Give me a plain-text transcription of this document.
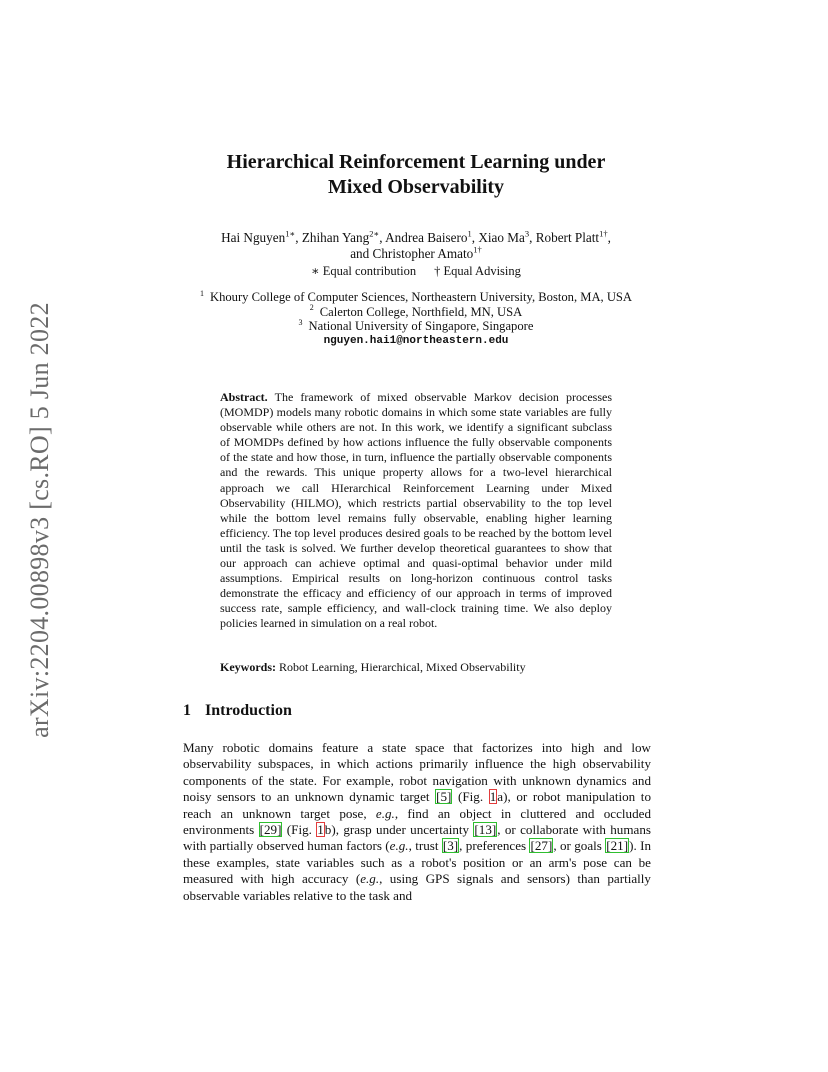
arXiv:2204.00898v3 [cs.RO] 5 Jun 2022
Hierarchical Reinforcement Learning under
Mixed Observability
Hai Nguyen$^{1∗}$, Zhihan Yang$^{2∗}$, Andrea Baisero$^1$, Xiao Ma$^3$, Robert Platt$^{1\dagger}$,
and Christopher Amato$^{1\dagger}$
∗ Equal contribution † Equal Advising
$^1$ Khoury College of Computer Sciences, Northeastern University, Boston, MA, USA
$^2$ Calerton College, Northfield, MN, USA
$^3$ National University of Singapore, Singapore
nguyen.hai1@northeastern.edu

Abstract. The framework of mixed observable Markov decision processes (MOMDP) models many robotic domains in which some state variables are fully observable while others are not. In this work, we identify a significant subclass of MOMDPs defined by how actions influence the fully observable components of the state and how those, in turn, influence the partially observable components and the rewards. This unique property allows for a two-level hierarchical approach we call HIerarchical Reinforcement Learning under Mixed Observability (HILMO), which restricts partial observability to the top level while the bottom level remains fully observable, enabling higher learning efficiency. The top level produces desired goals to be reached by the bottom level until the task is solved. We further develop theoretical guarantees to show that our approach can achieve optimal and quasi-optimal behavior under mild assumptions. Empirical results on long-horizon continuous control tasks demonstrate the efficacy and efficiency of our approach in terms of improved success rate, sample efficiency, and wall-clock training time. We also deploy policies learned in simulation on a real robot.

Keywords: Robot Learning, Hierarchical, Mixed Observability

1 Introduction

Many robotic domains feature a state space that factorizes into high and low observability subspaces, in which actions primarily influence the high observability components of the state. For example, robot navigation with unknown dynamics and noisy sensors to an unknown dynamic target [5] (Fig. 1a), or robot manipulation to reach an unknown target pose, e.g., find an object in cluttered and occluded environments [29] (Fig. 1b), grasp under uncertainty [13], or collaborate with humans with partially observed human factors (e.g., trust [3], preferences [27], or goals [21]). In these examples, state variables such as a robot's position or an arm's pose can be measured with high accuracy (e.g., using GPS signals and sensors) than partially observable variables relative to the task and
